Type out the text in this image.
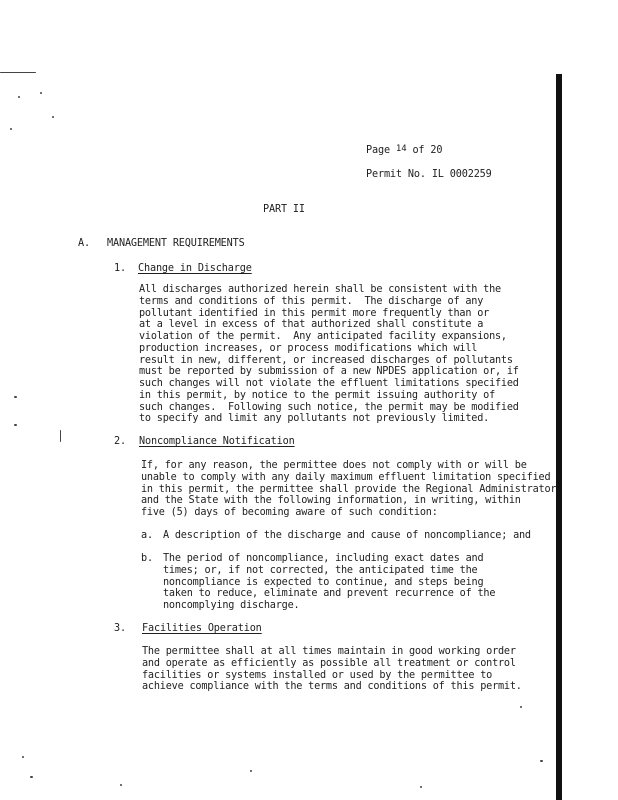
Page 14 of 20
Permit No. IL 0002259
PART II
A. MANAGEMENT REQUIREMENTS
1. Change in Discharge
All discharges authorized herein shall be consistent with the
terms and conditions of this permit.  The discharge of any
pollutant identified in this permit more frequently than or
at a level in excess of that authorized shall constitute a
violation of the permit.  Any anticipated facility expansions,
production increases, or process modifications which will
result in new, different, or increased discharges of pollutants
must be reported by submission of a new NPDES application or, if
such changes will not violate the effluent limitations specified
in this permit, by notice to the permit issuing authority of
such changes.  Following such notice, the permit may be modified
to specify and limit any pollutants not previously limited.
2. Noncompliance Notification
If, for any reason, the permittee does not comply with or will be
unable to comply with any daily maximum effluent limitation specified
in this permit, the permittee shall provide the Regional Administrator
and the State with the following information, in writing, within
five (5) days of becoming aware of such condition:
a. A description of the discharge and cause of noncompliance; and
b. The period of noncompliance, including exact dates and
times; or, if not corrected, the anticipated time the
noncompliance is expected to continue, and steps being
taken to reduce, eliminate and prevent recurrence of the
noncomplying discharge.
3. Facilities Operation
The permittee shall at all times maintain in good working order
and operate as efficiently as possible all treatment or control
facilities or systems installed or used by the permittee to
achieve compliance with the terms and conditions of this permit.
